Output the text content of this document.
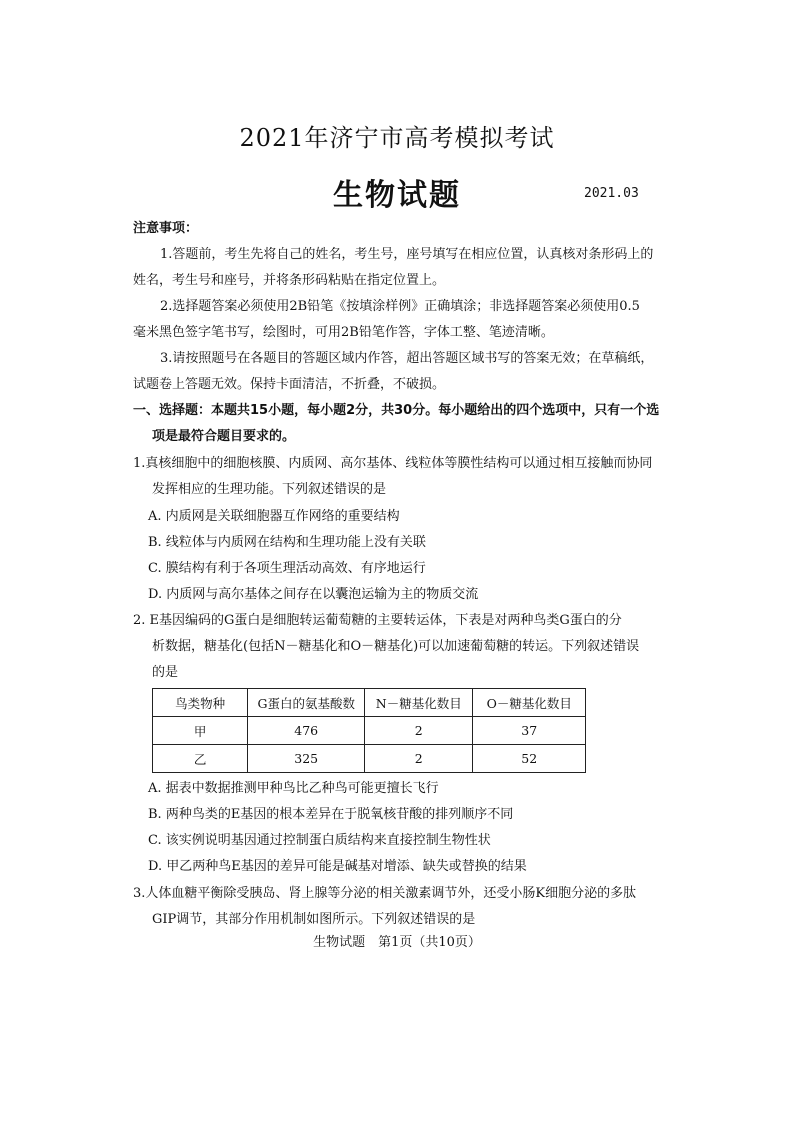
2021年济宁市高考模拟考试
生物试题	2021.03
注意事项：
1.答题前，考生先将自己的姓名，考生号，座号填写在相应位置，认真核对条形码上的
姓名，考生号和座号，并将条形码粘贴在指定位置上。
2.选择题答案必须使用2B铅笔《按填涂样例》正确填涂；非选择题答案必须使用0.5
毫米黑色签字笔书写，绘图时，可用2B铅笔作答，字体工整、笔迹清晰。
3.请按照题号在各题目的答题区域内作答，超出答题区域书写的答案无效；在草稿纸，
试题卷上答题无效。保持卡面清洁，不折叠，不破损。
一、选择题：本题共15小题，每小题2分，共30分。每小题给出的四个选项中，只有一个选
项是最符合题目要求的。
1.真核细胞中的细胞核膜、内质网、高尔基体、线粒体等膜性结构可以通过相互接触而协同
发挥相应的生理功能。下列叙述错误的是
A. 内质网是关联细胞器互作网络的重要结构
B. 线粒体与内质网在结构和生理功能上没有关联
C. 膜结构有利于各项生理活动高效、有序地运行
D. 内质网与高尔基体之间存在以囊泡运输为主的物质交流
2. E基因编码的G蛋白是细胞转运葡萄糖的主要转运体，下表是对两种鸟类G蛋白的分
析数据，糖基化(包括N－糖基化和O－糖基化)可以加速葡萄糖的转运。下列叙述错误
的是
鸟类物种	G蛋白的氨基酸数	N－糖基化数目	O－糖基化数目
甲	476	2	37
乙	325	2	52
A. 据表中数据推测甲种鸟比乙种鸟可能更擅长飞行
B. 两种鸟类的E基因的根本差异在于脱氧核苷酸的排列顺序不同
C. 该实例说明基因通过控制蛋白质结构来直接控制生物性状
D. 甲乙两种鸟E基因的差异可能是碱基对增添、缺失或替换的结果
3.人体血糖平衡除受胰岛、肾上腺等分泌的相关激素调节外，还受小肠K细胞分泌的多肽
GIP调节，其部分作用机制如图所示。下列叙述错误的是
生物试题　第1页（共10页）
